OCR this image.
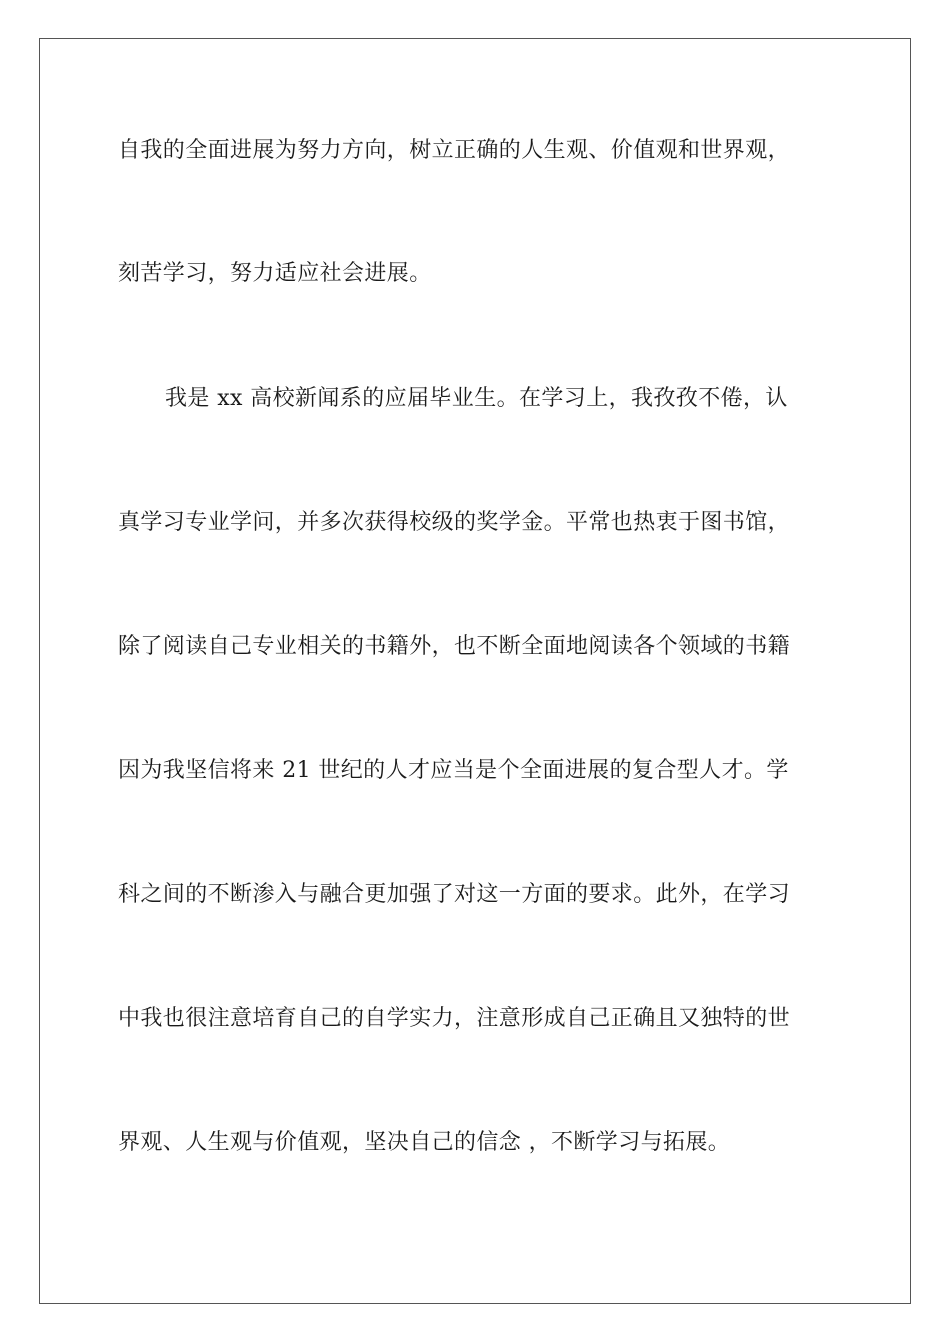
自我的全面进展为努力方向，树立正确的人生观、价值观和世界观，
刻苦学习，努力适应社会进展。
我是 xx 高校新闻系的应届毕业生。在学习上，我孜孜不倦，认
真学习专业学问，并多次获得校级的奖学金。平常也热衷于图书馆，
除了阅读自己专业相关的书籍外，也不断全面地阅读各个领域的书籍
因为我坚信将来 21 世纪的人才应当是个全面进展的复合型人才。学
科之间的不断渗入与融合更加强了对这一方面的要求。此外，在学习
中我也很注意培育自己的自学实力，注意形成自己正确且又独特的世
界观、人生观与价值观，坚决自己的信念 ，不断学习与拓展。
